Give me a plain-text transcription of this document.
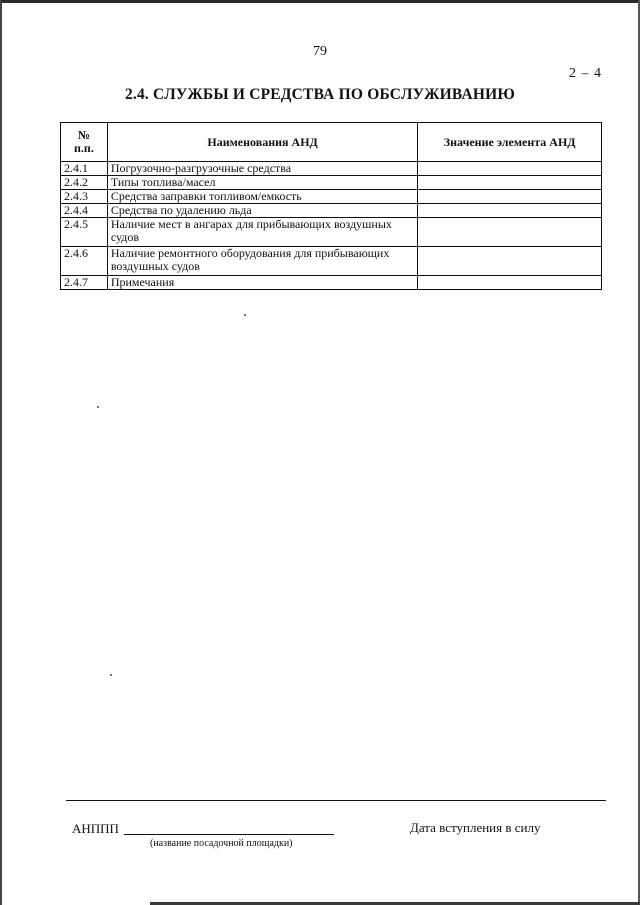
79
2 – 4
2.4. СЛУЖБЫ И СРЕДСТВА ПО ОБСЛУЖИВАНИЮ
№
п.п.	Наименования АНД	Значение элемента АНД
2.4.1	Погрузочно-разгрузочные средства	
2.4.2	Типы топлива/масел	
2.4.3	Средства заправки топливом/емкость	
2.4.4	Средства по удалению льда	
2.4.5	Наличие мест в ангарах для прибывающих воздушных судов	
2.4.6	Наличие ремонтного оборудования для прибывающих воздушных судов	
2.4.7	Примечания	
АНППП
(название посадочной площадки)
Дата вступления в силу
